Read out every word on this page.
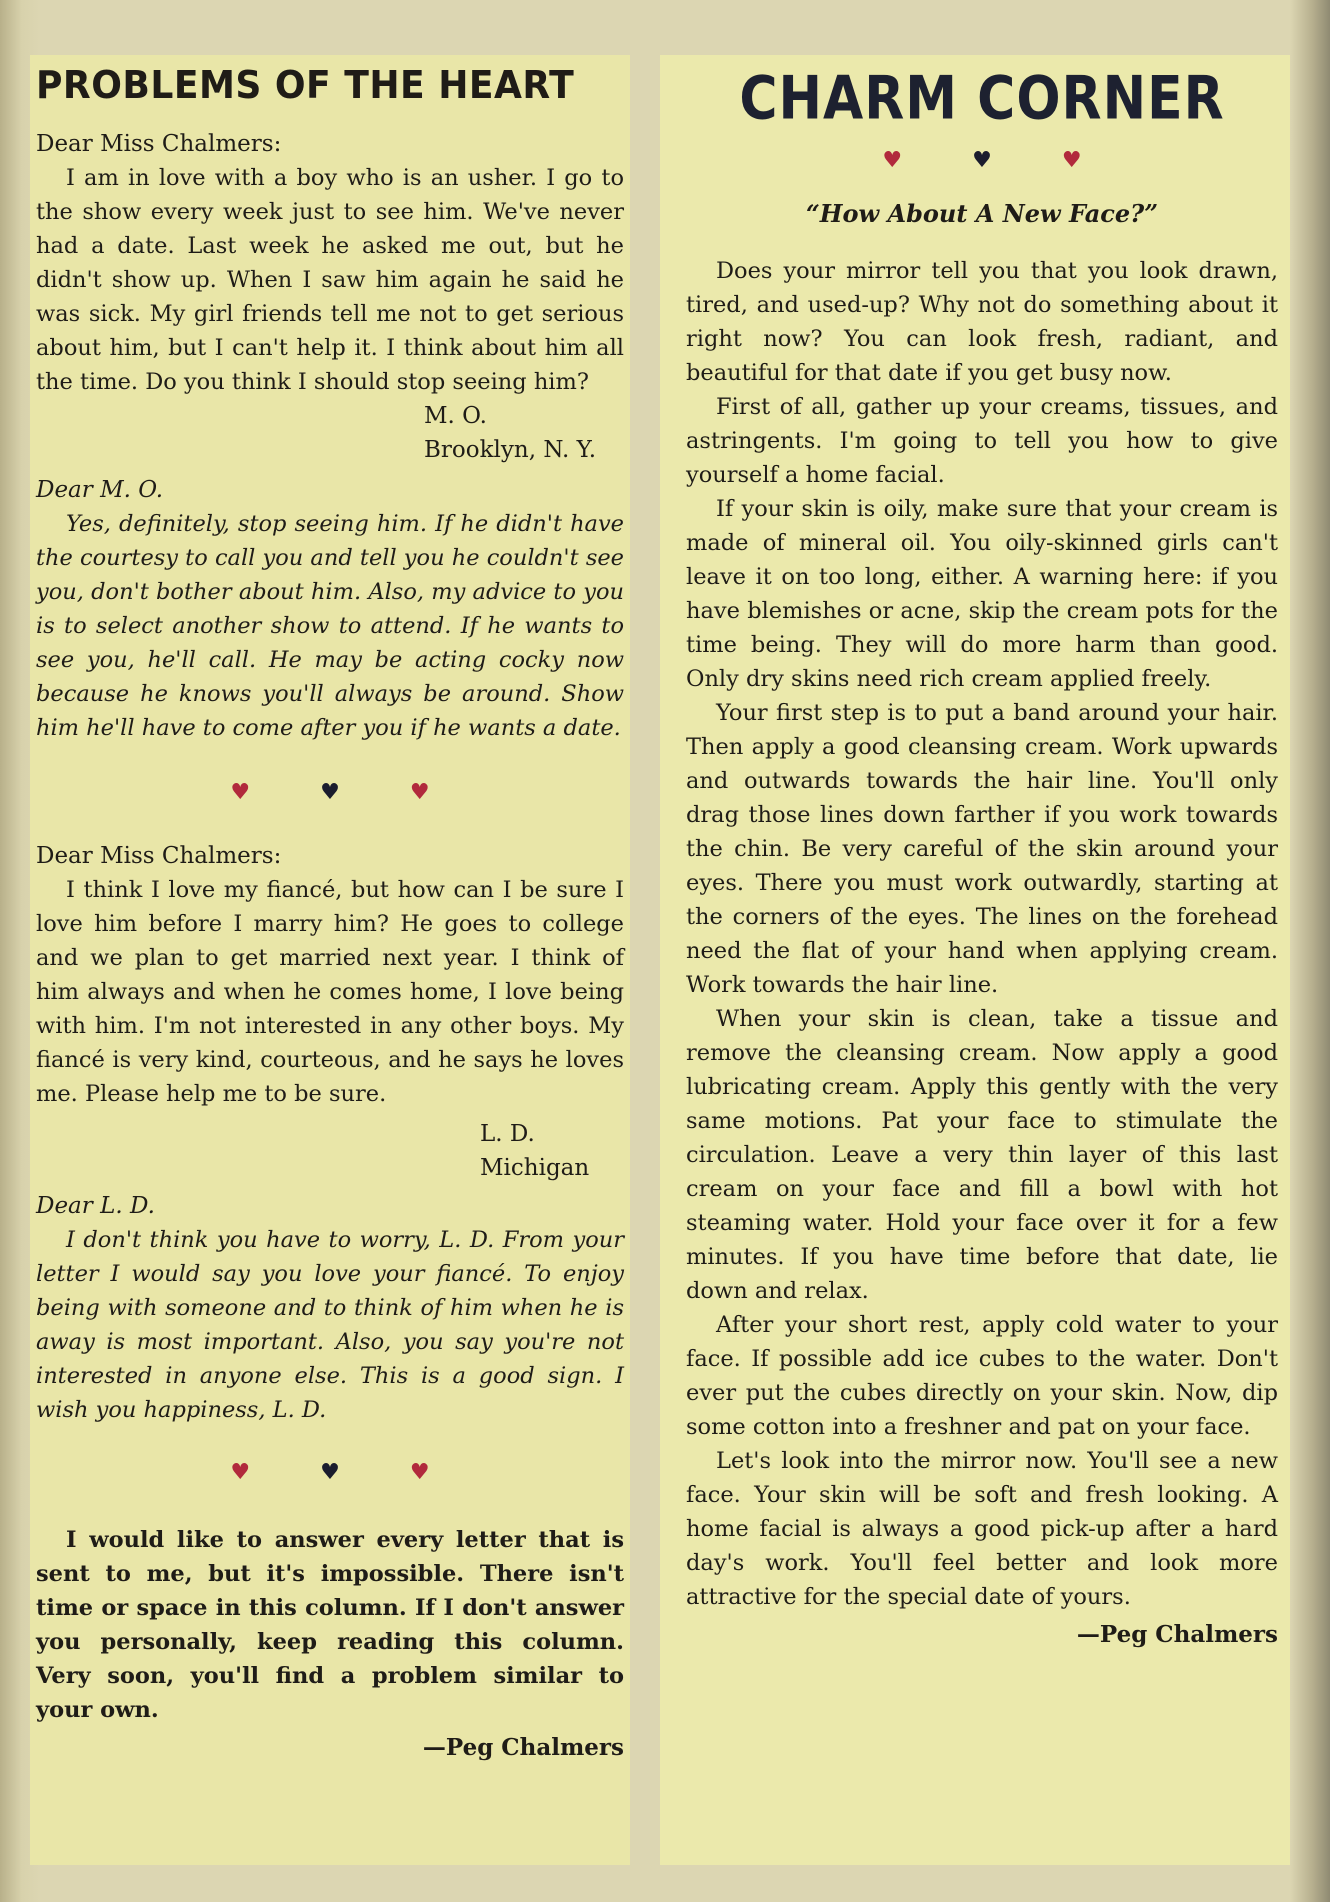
PROBLEMS OF THE HEART
Dear Miss Chalmers:

I am in love with a boy who is an usher. I go to the show every week just to see him. We've never had a date. Last week he asked me out, but he didn't show up. When I saw him again he said he was sick. My girl friends tell me not to get serious about him, but I can't help it. I think about him all the time. Do you think I should stop seeing him?

M. O.
Brooklyn, N. Y.
Dear M. O.

Yes, definitely, stop seeing him. If he didn't have the courtesy to call you and tell you he couldn't see you, don't bother about him. Also, my advice to you is to select another show to attend. If he wants to see you, he'll call. He may be acting cocky now because he knows you'll always be around. Show him he'll have to come after you if he wants a date.

♥	♥	♥
Dear Miss Chalmers:

I think I love my fiancé, but how can I be sure I love him before I marry him? He goes to college and we plan to get married next year. I think of him always and when he comes home, I love being with him. I'm not interested in any other boys. My fiancé is very kind, courteous, and he says he loves me. Please help me to be sure.

L. D.
Michigan
Dear L. D.

I don't think you have to worry, L. D. From your letter I would say you love your fiancé. To enjoy being with someone and to think of him when he is away is most important. Also, you say you're not interested in anyone else. This is a good sign. I wish you happiness, L. D.

♥	♥	♥

I would like to answer every letter that is sent to me, but it's impossible. There isn't time or space in this column. If I don't answer you personally, keep reading this column. Very soon, you'll find a problem similar to your own.

—Peg Chalmers
CHARM CORNER
♥	♥	♥
“How About A New Face?”

Does your mirror tell you that you look drawn, tired, and used-up? Why not do something about it right now? You can look fresh, radiant, and beautiful for that date if you get busy now.

First of all, gather up your creams, tissues, and astringents. I'm going to tell you how to give yourself a home facial.

If your skin is oily, make sure that your cream is made of mineral oil. You oily-skinned girls can't leave it on too long, either. A warning here: if you have blemishes or acne, skip the cream pots for the time being. They will do more harm than good. Only dry skins need rich cream applied freely.

Your first step is to put a band around your hair. Then apply a good cleansing cream. Work upwards and outwards towards the hair line. You'll only drag those lines down farther if you work towards the chin. Be very careful of the skin around your eyes. There you must work outwardly, starting at the corners of the eyes. The lines on the forehead need the flat of your hand when applying cream. Work towards the hair line.

When your skin is clean, take a tissue and remove the cleansing cream. Now apply a good lubricating cream. Apply this gently with the very same motions. Pat your face to stimulate the circulation. Leave a very thin layer of this last cream on your face and fill a bowl with hot steaming water. Hold your face over it for a few minutes. If you have time before that date, lie down and relax.

After your short rest, apply cold water to your face. If possible add ice cubes to the water. Don't ever put the cubes directly on your skin. Now, dip some cotton into a freshner and pat on your face.

Let's look into the mirror now. You'll see a new face. Your skin will be soft and fresh looking. A home facial is always a good pick-up after a hard day's work. You'll feel better and look more attractive for the special date of yours.

—Peg Chalmers
